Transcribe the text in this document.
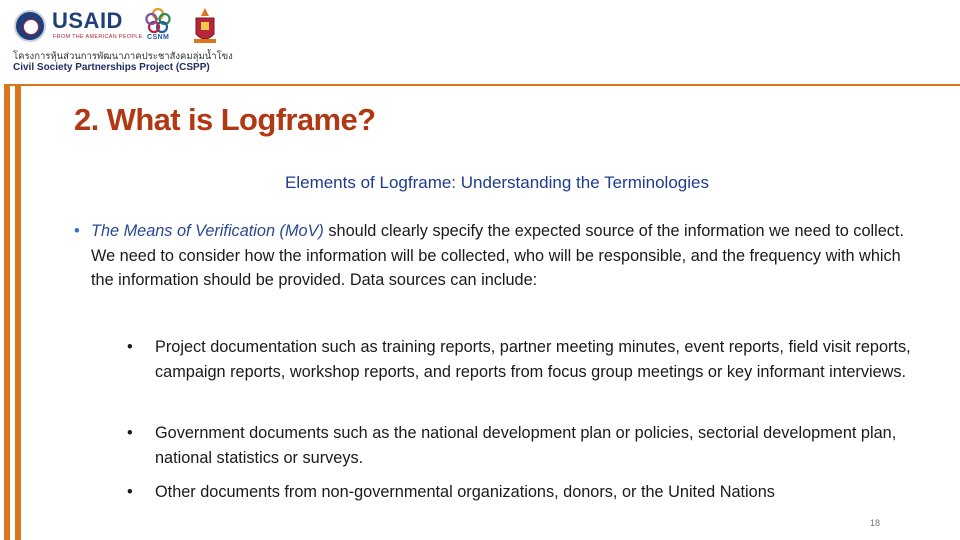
USAID
FROM THE AMERICAN PEOPLE CSNM
โครงการหุ้นส่วนการพัฒนาภาคประชาสังคมลุ่มน้ำโขง
Civil Society Partnerships Project (CSPP)
2. What is Logframe?
Elements of Logframe: Understanding the Terminologies
• The Means of Verification (MoV) should clearly specify the expected source of the information we need to collect. We need to consider how the information will be collected, who will be responsible, and the frequency with which the information should be provided. Data sources can include:
• Project documentation such as training reports, partner meeting minutes, event reports, field visit reports, campaign reports, workshop reports, and reports from focus group meetings or key informant interviews.
• Government documents such as the national development plan or policies, sectorial development plan, national statistics or surveys.
• Other documents from non-governmental organizations, donors, or the United Nations
18
